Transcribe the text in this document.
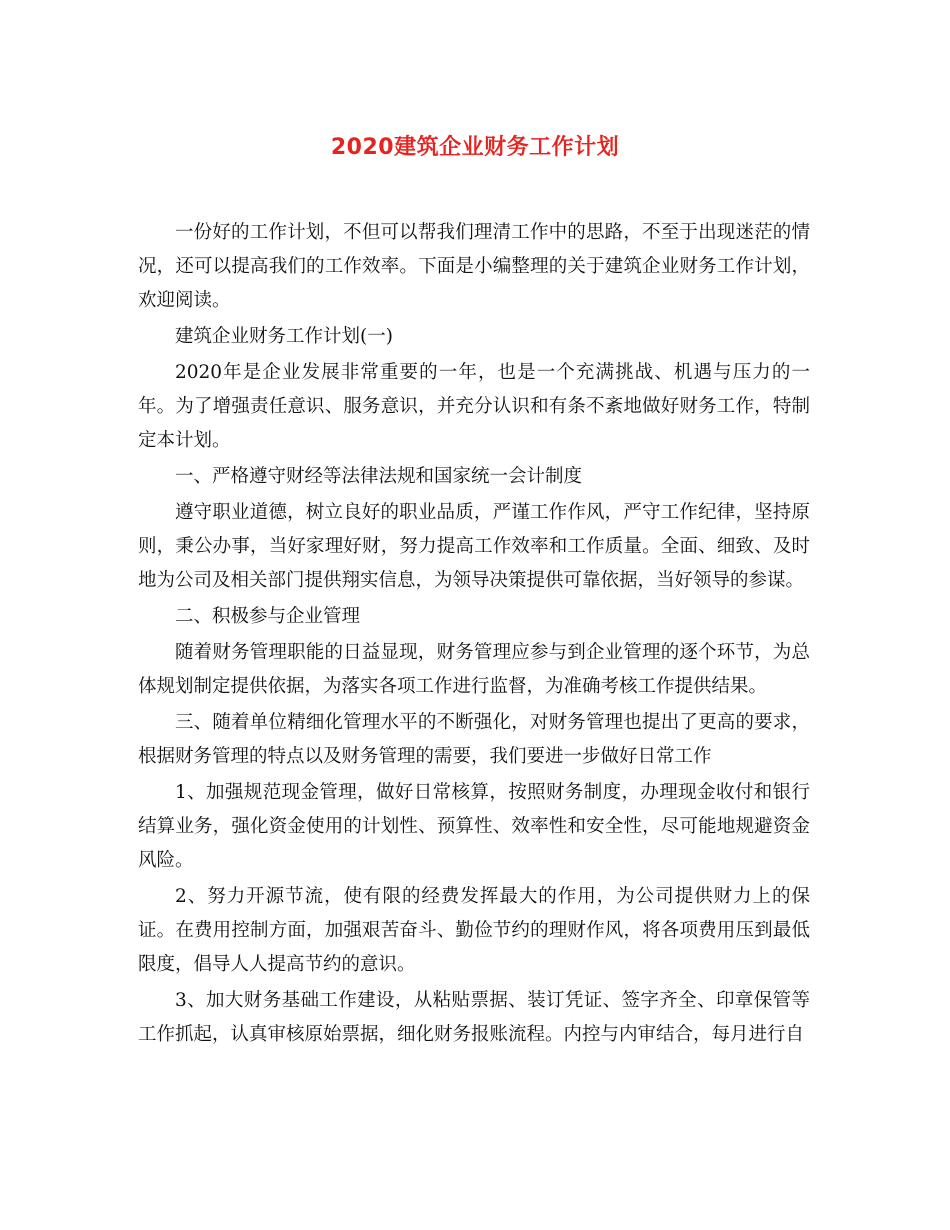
2020建筑企业财务工作计划

一份好的工作计划，不但可以帮我们理清工作中的思路，不至于出现迷茫的情况，还可以提高我们的工作效率。下面是小编整理的关于建筑企业财务工作计划，欢迎阅读。

建筑企业财务工作计划(一)

2020年是企业发展非常重要的一年，也是一个充满挑战、机遇与压力的一年。为了增强责任意识、服务意识，并充分认识和有条不紊地做好财务工作，特制定本计划。

一、严格遵守财经等法律法规和国家统一会计制度

遵守职业道德，树立良好的职业品质，严谨工作作风，严守工作纪律，坚持原则，秉公办事，当好家理好财，努力提高工作效率和工作质量。全面、细致、及时地为公司及相关部门提供翔实信息，为领导决策提供可靠依据，当好领导的参谋。

二、积极参与企业管理

随着财务管理职能的日益显现，财务管理应参与到企业管理的逐个环节，为总体规划制定提供依据，为落实各项工作进行监督，为准确考核工作提供结果。

三、随着单位精细化管理水平的不断强化，对财务管理也提出了更高的要求，根据财务管理的特点以及财务管理的需要，我们要进一步做好日常工作

1、加强规范现金管理，做好日常核算，按照财务制度，办理现金收付和银行结算业务，强化资金使用的计划性、预算性、效率性和安全性，尽可能地规避资金风险。

2、努力开源节流，使有限的经费发挥最大的作用，为公司提供财力上的保证。在费用控制方面，加强艰苦奋斗、勤俭节约的理财作风，将各项费用压到最低限度，倡导人人提高节约的意识。

3、加大财务基础工作建设，从粘贴票据、装订凭证、签字齐全、印章保管等工作抓起，认真审核原始票据，细化财务报账流程。内控与内审结合，每月进行自
